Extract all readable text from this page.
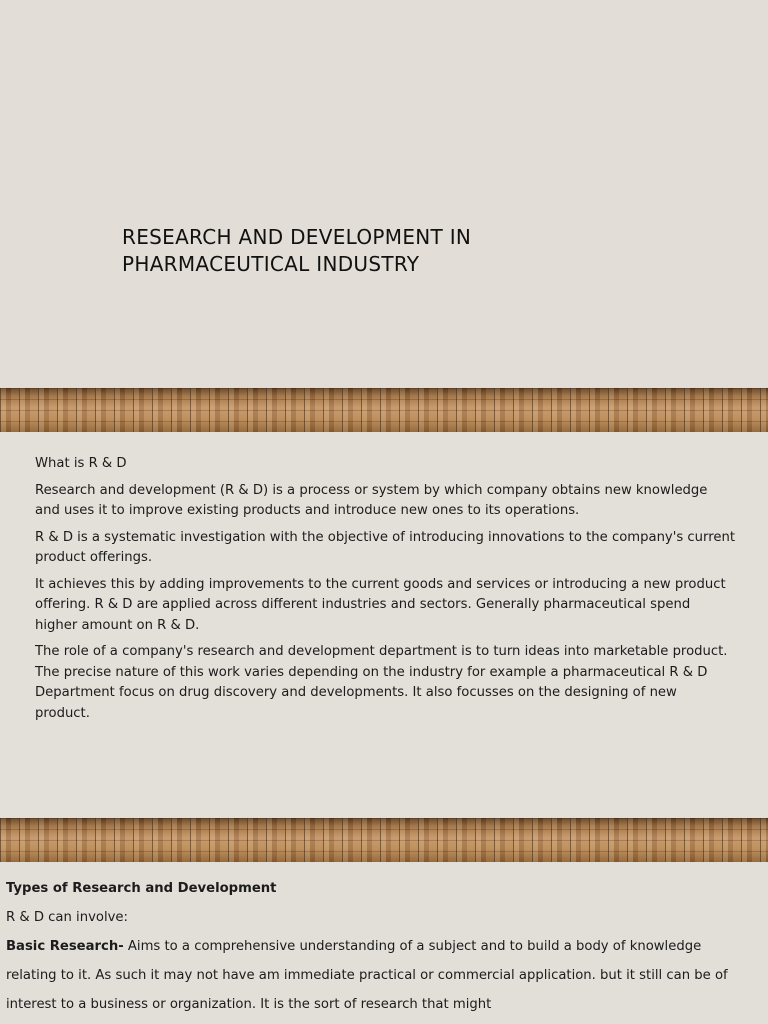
RESEARCH AND DEVELOPMENT IN
PHARMACEUTICAL INDUSTRY

What is R & D

Research and development (R & D) is a process or system by which company obtains new knowledge and uses it to improve existing products and introduce new ones to its operations.

R & D is a systematic investigation with the objective of introducing innovations to the company's current product offerings.

It achieves this by adding improvements to the current goods and services or introducing a new product offering. R & D are applied across different industries and sectors. Generally pharmaceutical spend higher amount on R & D.

The role of a company's research and development department is to turn ideas into marketable product. The precise nature of this work varies depending on the industry for example a pharmaceutical R & D Department focus on drug discovery and developments. It also focusses on the designing of new product.

Types of Research and Development

R & D can involve:

Basic Research- Aims to a comprehensive understanding of a subject and to build a body of knowledge relating to it. As such it may not have am immediate practical or commercial application. but it still can be of interest to a business or organization. It is the sort of research that might
